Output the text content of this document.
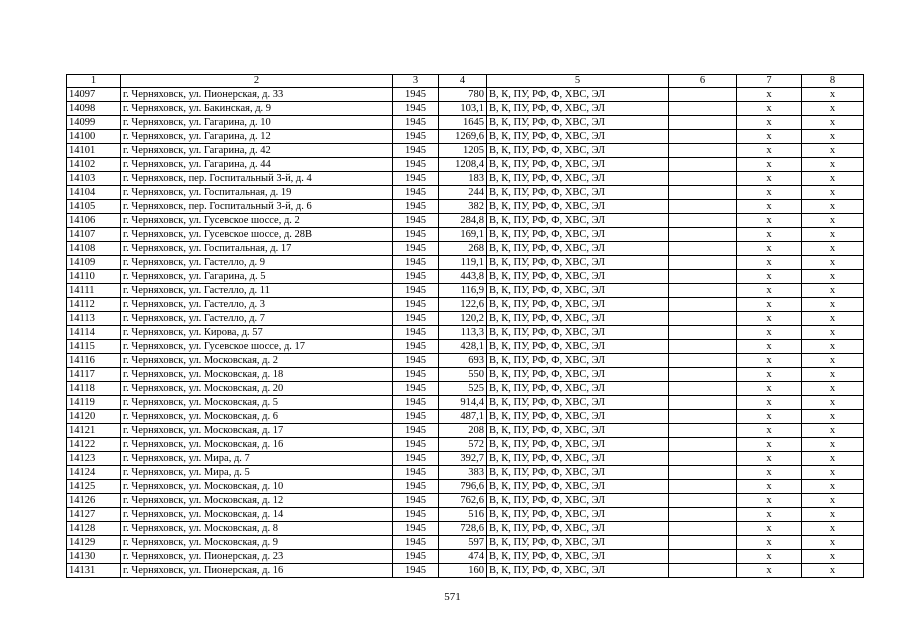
1	2	3	4	5	6	7	8
14097	г. Черняховск, ул. Пионерская, д. 33	1945	780	В, К, ПУ, РФ, Ф, ХВС, ЭЛ		х	х
14098	г. Черняховск, ул. Бакинская, д. 9	1945	103,1	В, К, ПУ, РФ, Ф, ХВС, ЭЛ		х	х
14099	г. Черняховск, ул. Гагарина, д. 10	1945	1645	В, К, ПУ, РФ, Ф, ХВС, ЭЛ		х	х
14100	г. Черняховск, ул. Гагарина, д. 12	1945	1269,6	В, К, ПУ, РФ, Ф, ХВС, ЭЛ		х	х
14101	г. Черняховск, ул. Гагарина, д. 42	1945	1205	В, К, ПУ, РФ, Ф, ХВС, ЭЛ		х	х
14102	г. Черняховск, ул. Гагарина, д. 44	1945	1208,4	В, К, ПУ, РФ, Ф, ХВС, ЭЛ		х	х
14103	г. Черняховск, пер. Госпитальный 3-й, д. 4	1945	183	В, К, ПУ, РФ, Ф, ХВС, ЭЛ		х	х
14104	г. Черняховск, ул. Госпитальная, д. 19	1945	244	В, К, ПУ, РФ, Ф, ХВС, ЭЛ		х	х
14105	г. Черняховск, пер. Госпитальный 3-й, д. 6	1945	382	В, К, ПУ, РФ, Ф, ХВС, ЭЛ		х	х
14106	г. Черняховск, ул. Гусевское шоссе, д. 2	1945	284,8	В, К, ПУ, РФ, Ф, ХВС, ЭЛ		х	х
14107	г. Черняховск, ул. Гусевское шоссе, д. 28В	1945	169,1	В, К, ПУ, РФ, Ф, ХВС, ЭЛ		х	х
14108	г. Черняховск, ул. Госпитальная, д. 17	1945	268	В, К, ПУ, РФ, Ф, ХВС, ЭЛ		х	х
14109	г. Черняховск, ул. Гастелло, д. 9	1945	119,1	В, К, ПУ, РФ, Ф, ХВС, ЭЛ		х	х
14110	г. Черняховск, ул. Гагарина, д. 5	1945	443,8	В, К, ПУ, РФ, Ф, ХВС, ЭЛ		х	х
14111	г. Черняховск, ул. Гастелло, д. 11	1945	116,9	В, К, ПУ, РФ, Ф, ХВС, ЭЛ		х	х
14112	г. Черняховск, ул. Гастелло, д. 3	1945	122,6	В, К, ПУ, РФ, Ф, ХВС, ЭЛ		х	х
14113	г. Черняховск, ул. Гастелло, д. 7	1945	120,2	В, К, ПУ, РФ, Ф, ХВС, ЭЛ		х	х
14114	г. Черняховск, ул. Кирова, д. 57	1945	113,3	В, К, ПУ, РФ, Ф, ХВС, ЭЛ		х	х
14115	г. Черняховск, ул. Гусевское шоссе, д. 17	1945	428,1	В, К, ПУ, РФ, Ф, ХВС, ЭЛ		х	х
14116	г. Черняховск, ул. Московская, д. 2	1945	693	В, К, ПУ, РФ, Ф, ХВС, ЭЛ		х	х
14117	г. Черняховск, ул. Московская, д. 18	1945	550	В, К, ПУ, РФ, Ф, ХВС, ЭЛ		х	х
14118	г. Черняховск, ул. Московская, д. 20	1945	525	В, К, ПУ, РФ, Ф, ХВС, ЭЛ		х	х
14119	г. Черняховск, ул. Московская, д. 5	1945	914,4	В, К, ПУ, РФ, Ф, ХВС, ЭЛ		х	х
14120	г. Черняховск, ул. Московская, д. 6	1945	487,1	В, К, ПУ, РФ, Ф, ХВС, ЭЛ		х	х
14121	г. Черняховск, ул. Московская, д. 17	1945	208	В, К, ПУ, РФ, Ф, ХВС, ЭЛ		х	х
14122	г. Черняховск, ул. Московская, д. 16	1945	572	В, К, ПУ, РФ, Ф, ХВС, ЭЛ		х	х
14123	г. Черняховск, ул. Мира, д. 7	1945	392,7	В, К, ПУ, РФ, Ф, ХВС, ЭЛ		х	х
14124	г. Черняховск, ул. Мира, д. 5	1945	383	В, К, ПУ, РФ, Ф, ХВС, ЭЛ		х	х
14125	г. Черняховск, ул. Московская, д. 10	1945	796,6	В, К, ПУ, РФ, Ф, ХВС, ЭЛ		х	х
14126	г. Черняховск, ул. Московская, д. 12	1945	762,6	В, К, ПУ, РФ, Ф, ХВС, ЭЛ		х	х
14127	г. Черняховск, ул. Московская, д. 14	1945	516	В, К, ПУ, РФ, Ф, ХВС, ЭЛ		х	х
14128	г. Черняховск, ул. Московская, д. 8	1945	728,6	В, К, ПУ, РФ, Ф, ХВС, ЭЛ		х	х
14129	г. Черняховск, ул. Московская, д. 9	1945	597	В, К, ПУ, РФ, Ф, ХВС, ЭЛ		х	х
14130	г. Черняховск, ул. Пионерская, д. 23	1945	474	В, К, ПУ, РФ, Ф, ХВС, ЭЛ		х	х
14131	г. Черняховск, ул. Пионерская, д. 16	1945	160	В, К, ПУ, РФ, Ф, ХВС, ЭЛ		х	х
571
